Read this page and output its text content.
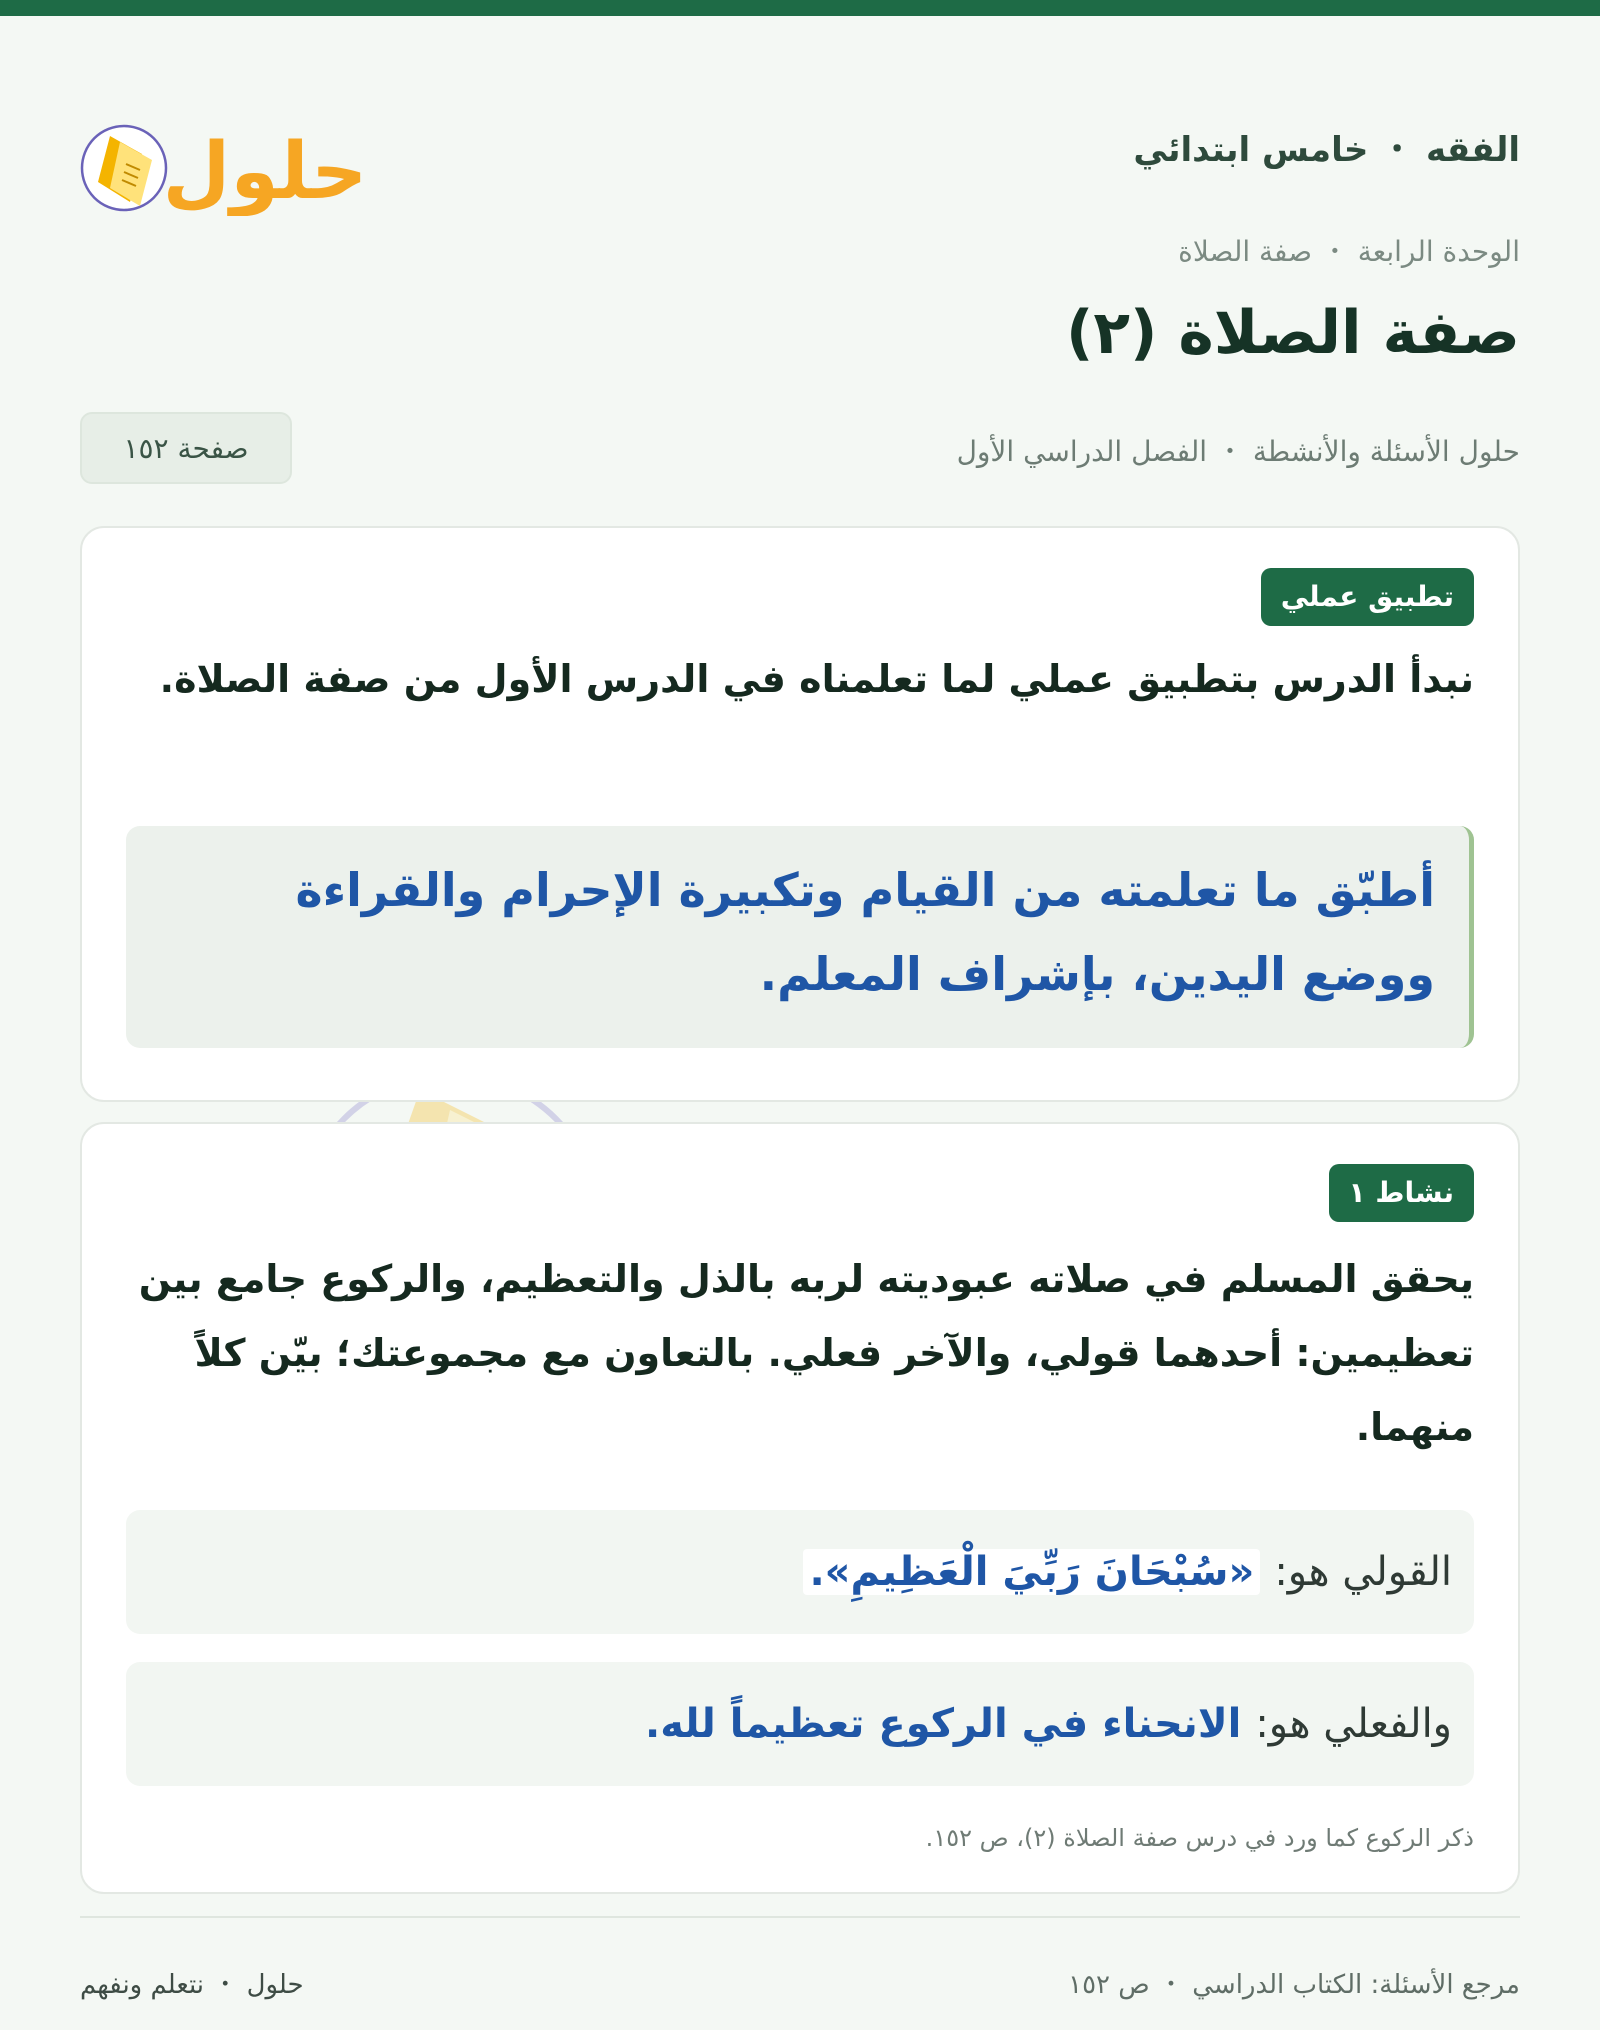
الفقه ・ خامس ابتدائي
حلول
الوحدة الرابعة ・ صفة الصلاة
صفة الصلاة (٢)
حلول الأسئلة والأنشطة ・ الفصل الدراسي الأول
صفحة ١٥٢
تطبيق عملي
نبدأ الدرس بتطبيق عملي لما تعلمناه في الدرس الأول من صفة الصلاة.
أطبّق ما تعلمته من القيام وتكبيرة الإحرام والقراءة ووضع اليدين، بإشراف المعلم.
نشاط ١
يحقق المسلم في صلاته عبوديته لربه بالذل والتعظيم، والركوع جامع بين تعظيمين: أحدهما قولي، والآخر فعلي. بالتعاون مع مجموعتك؛ بيّن كلاً منهما.
القولي هو:
«سُبْحَانَ رَبِّيَ الْعَظِيمِ».
والفعلي هو:
الانحناء في الركوع تعظيماً لله.
ذكر الركوع كما ورد في درس صفة الصلاة (٢)، ص ١٥٢.
مرجع الأسئلة: الكتاب الدراسي ・ ص ١٥٢
حلول ・ نتعلم ونفهم
